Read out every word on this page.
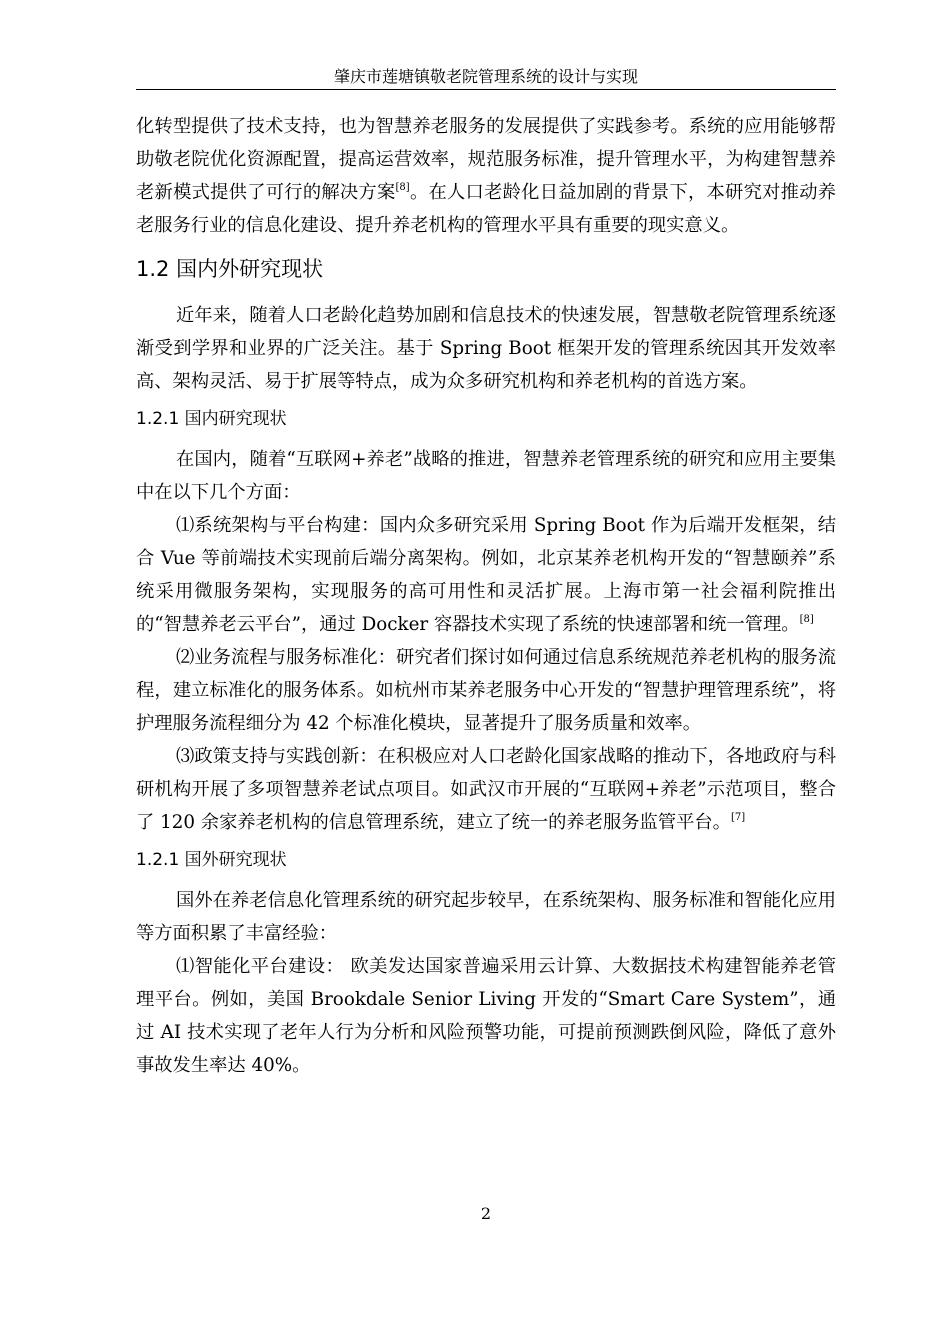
肇庆市莲塘镇敬老院管理系统的设计与实现

化转型提供了技术支持，也为智慧养老服务的发展提供了实践参考。系统的应用能够帮助敬老院优化资源配置，提高运营效率，规范服务标准，提升管理水平，为构建智慧养老新模式提供了可行的解决方案[8]。在人口老龄化日益加剧的背景下，本研究对推动养老服务行业的信息化建设、提升养老机构的管理水平具有重要的现实意义。

1.2 国内外研究现状

近年来，随着人口老龄化趋势加剧和信息技术的快速发展，智慧敬老院管理系统逐渐受到学界和业界的广泛关注。基于 Spring Boot 框架开发的管理系统因其开发效率高、架构灵活、易于扩展等特点，成为众多研究机构和养老机构的首选方案。

1.2.1 国内研究现状

在国内，随着“互联网+养老”战略的推进，智慧养老管理系统的研究和应用主要集中在以下几个方面：

⑴系统架构与平台构建：国内众多研究采用 Spring Boot 作为后端开发框架，结合 Vue 等前端技术实现前后端分离架构。例如，北京某养老机构开发的“智慧颐养”系统采用微服务架构，实现服务的高可用性和灵活扩展。上海市第一社会福利院推出的“智慧养老云平台”，通过 Docker 容器技术实现了系统的快速部署和统一管理。[8]

⑵业务流程与服务标准化：研究者们探讨如何通过信息系统规范养老机构的服务流程，建立标准化的服务体系。如杭州市某养老服务中心开发的“智慧护理管理系统”，将护理服务流程细分为 42 个标准化模块，显著提升了服务质量和效率。

⑶政策支持与实践创新：在积极应对人口老龄化国家战略的推动下，各地政府与科研机构开展了多项智慧养老试点项目。如武汉市开展的“互联网+养老”示范项目，整合了 120 余家养老机构的信息管理系统，建立了统一的养老服务监管平台。[7]

1.2.1 国外研究现状

国外在养老信息化管理系统的研究起步较早，在系统架构、服务标准和智能化应用等方面积累了丰富经验：

⑴智能化平台建设： 欧美发达国家普遍采用云计算、大数据技术构建智能养老管理平台。例如，美国 Brookdale Senior Living 开发的“Smart Care System”，通过 AI 技术实现了老年人行为分析和风险预警功能，可提前预测跌倒风险，降低了意外事故发生率达 40%。

2
